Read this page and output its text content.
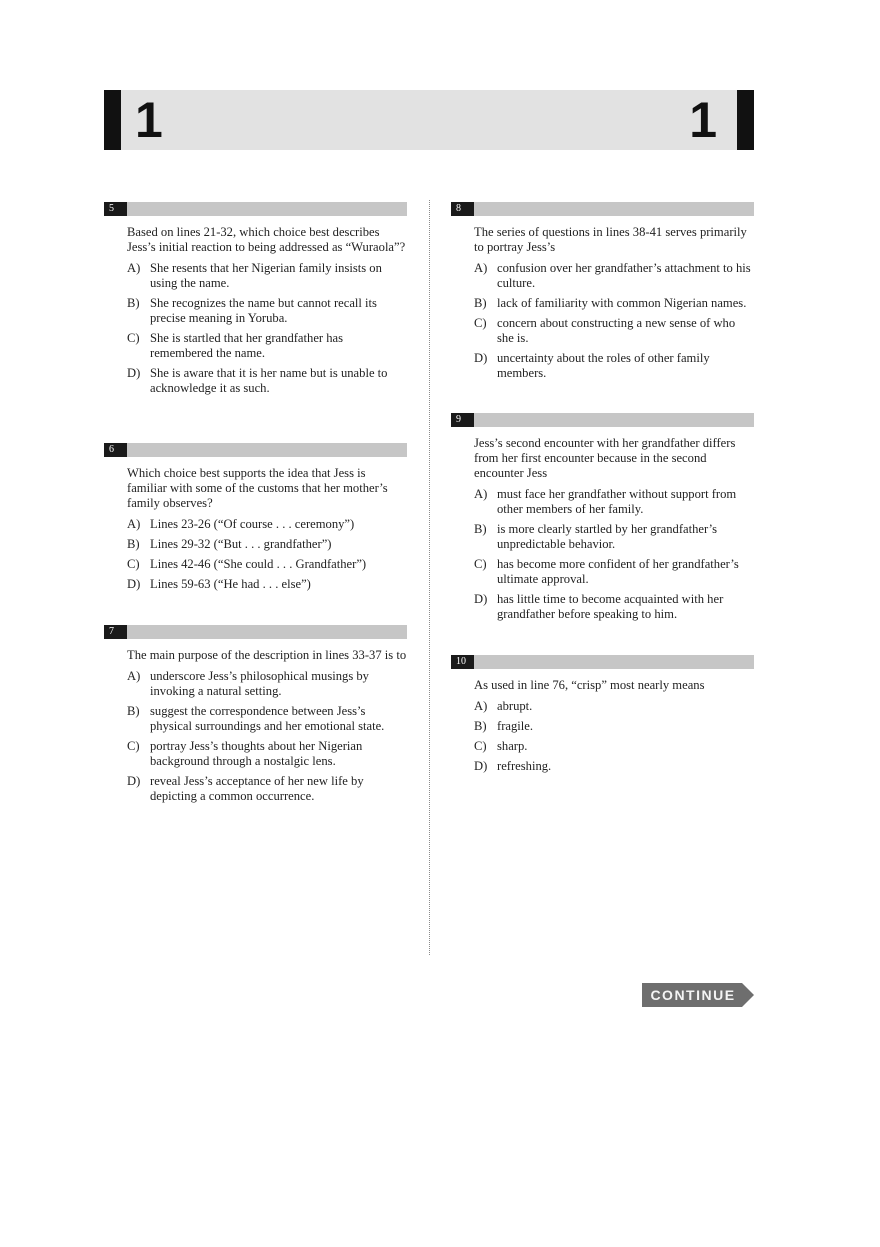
1	1
5
Based on lines 21-32, which choice best describes Jess’s initial reaction to being addressed as “Wuraola”?
A) She resents that her Nigerian family insists on using the name.
B) She recognizes the name but cannot recall its precise meaning in Yoruba.
C) She is startled that her grandfather has remembered the name.
D) She is aware that it is her name but is unable to acknowledge it as such.
6
Which choice best supports the idea that Jess is familiar with some of the customs that her mother’s family observes?
A) Lines 23-26 (“Of course . . . ceremony”)
B) Lines 29-32 (“But . . . grandfather”)
C) Lines 42-46 (“She could . . . Grandfather”)
D) Lines 59-63 (“He had . . . else”)
7
The main purpose of the description in lines 33-37 is to
A) underscore Jess’s philosophical musings by invoking a natural setting.
B) suggest the correspondence between Jess’s physical surroundings and her emotional state.
C) portray Jess’s thoughts about her Nigerian background through a nostalgic lens.
D) reveal Jess’s acceptance of her new life by depicting a common occurrence.
8
The series of questions in lines 38-41 serves primarily to portray Jess’s
A) confusion over her grandfather’s attachment to his culture.
B) lack of familiarity with common Nigerian names.
C) concern about constructing a new sense of who she is.
D) uncertainty about the roles of other family members.
9
Jess’s second encounter with her grandfather differs from her first encounter because in the second encounter Jess
A) must face her grandfather without support from other members of her family.
B) is more clearly startled by her grandfather’s unpredictable behavior.
C) has become more confident of her grandfather’s ultimate approval.
D) has little time to become acquainted with her grandfather before speaking to him.
10
As used in line 76, “crisp” most nearly means
A) abrupt.
B) fragile.
C) sharp.
D) refreshing.
CONTINUE
